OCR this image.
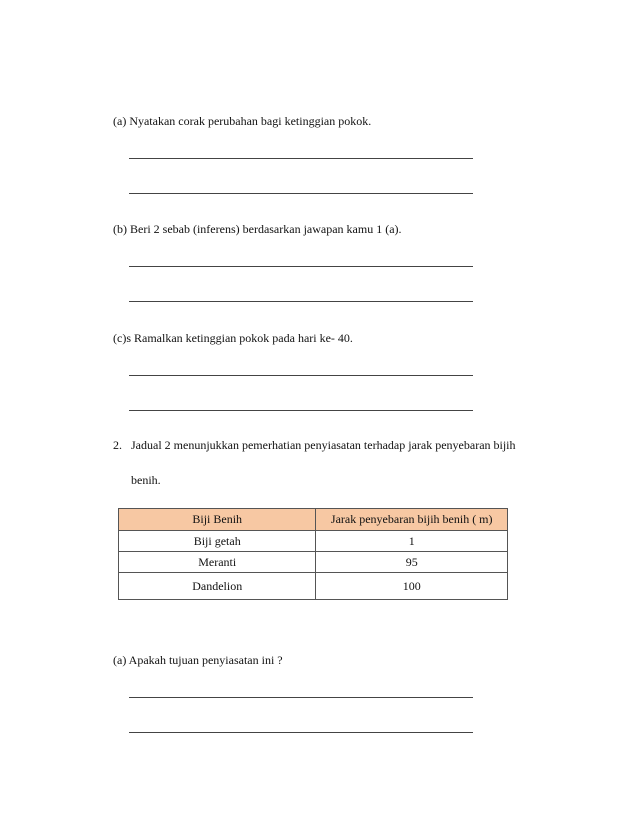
(a) Nyatakan corak perubahan bagi ketinggian pokok.
(b) Beri 2 sebab (inferens) berdasarkan jawapan kamu 1 (a).
(c)s Ramalkan ketinggian pokok pada hari ke- 40.
2. Jadual 2 menunjukkan pemerhatian penyiasatan terhadap jarak penyebaran bijih
benih.
Biji Benih	Jarak penyebaran bijih benih ( m)
Biji getah	1
Meranti	95
Dandelion	100
(a) Apakah tujuan penyiasatan ini ?
